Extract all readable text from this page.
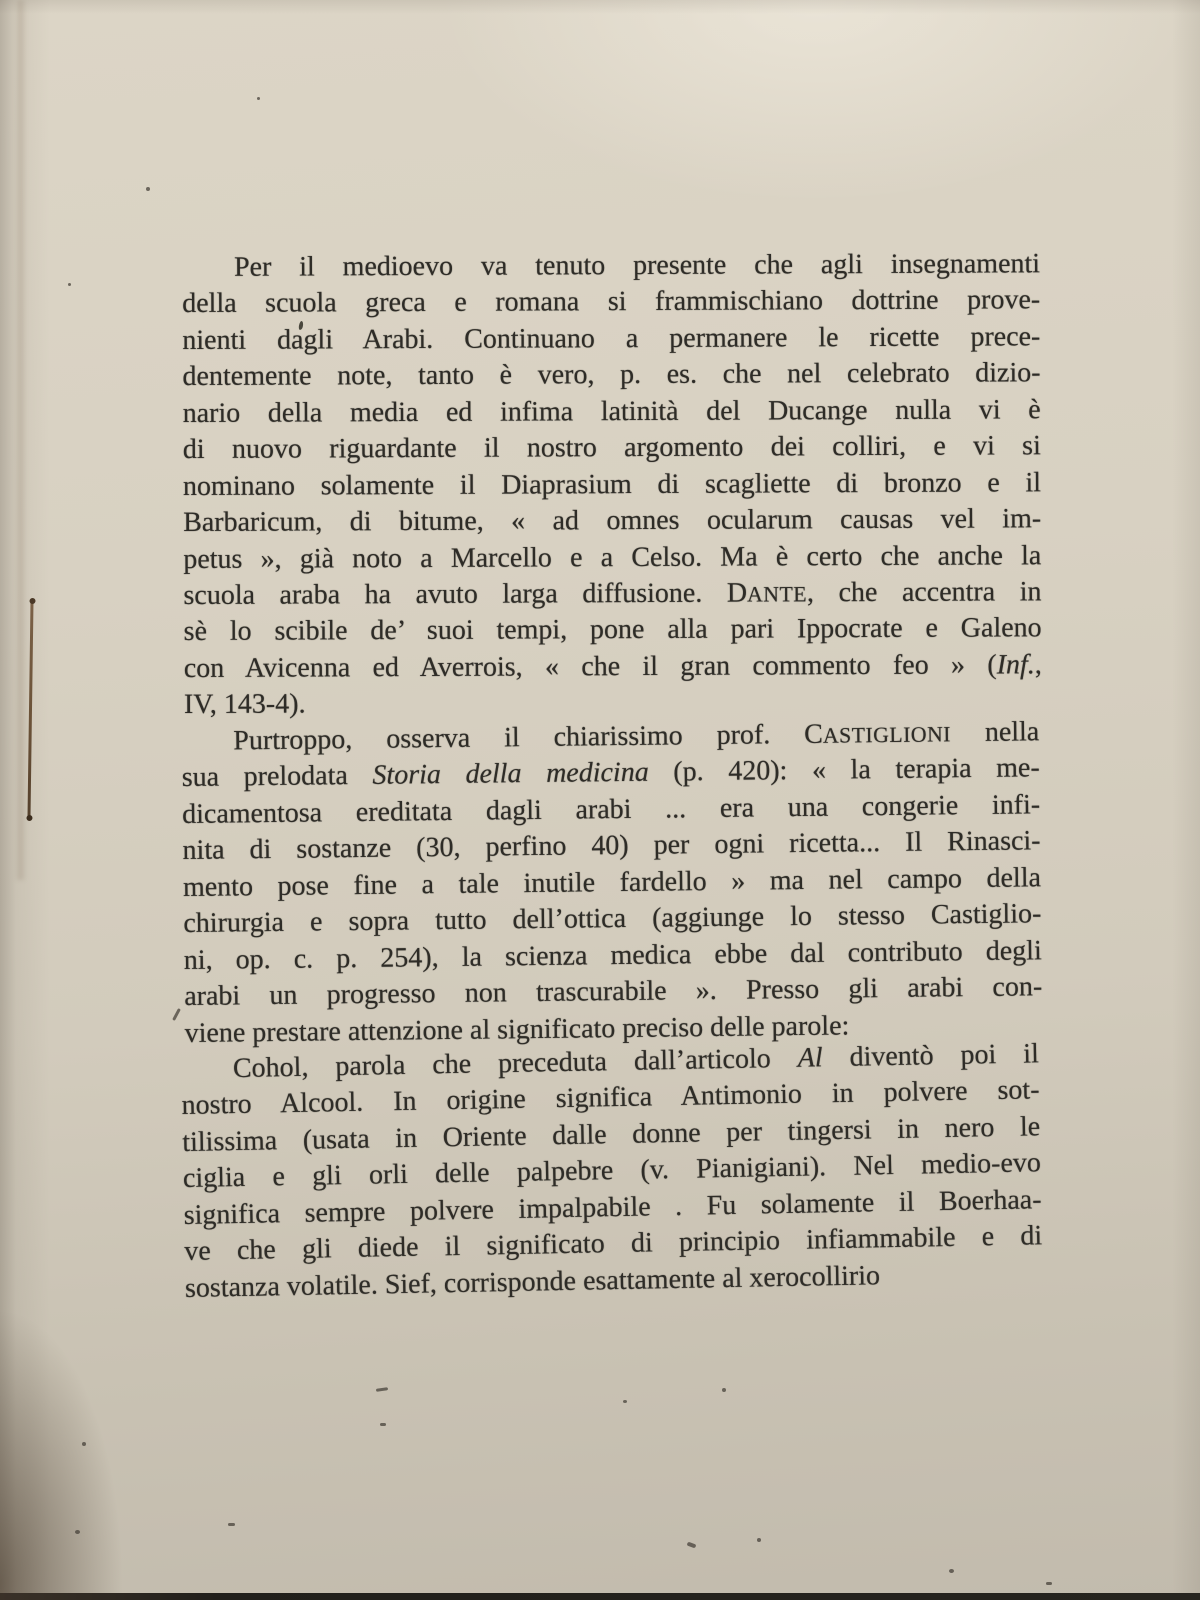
Per il medioevo va tenuto presente che agli insegnamenti
della scuola greca e romana si frammischiano dottrine prove-
nienti dagli Arabi. Continuano a permanere le ricette prece-
dentemente note, tanto è vero, p. es. che nel celebrato dizio-
nario della media ed infima latinità del Ducange nulla vi è
di nuovo riguardante il nostro argomento dei colliri, e vi si
nominano solamente il Diaprasium di scagliette di bronzo e il
Barbaricum, di bitume, « ad omnes ocularum causas vel im-
petus », già noto a Marcello e a Celso. Ma è certo che anche la
scuola araba ha avuto larga diffusione. DANTE, che accentra in
sè lo scibile de’ suoi tempi, pone alla pari Ippocrate e Galeno
con Avicenna ed Averrois, « che il gran commento feo » (Inf.,
IV, 143-4).
Purtroppo, osserva il chiarissimo prof. CASTIGLIONI nella
sua prelodata Storia della medicina (p. 420): « la terapia me-
dicamentosa ereditata dagli arabi ... era una congerie infi-
nita di sostanze (30, perfino 40) per ogni ricetta... Il Rinasci-
mento pose fine a tale inutile fardello » ma nel campo della
chirurgia e sopra tutto dell’ottica (aggiunge lo stesso Castiglio-
ni, op. c. p. 254), la scienza medica ebbe dal contributo degli
arabi un progresso non trascurabile ». Presso gli arabi con-
viene prestare attenzione al significato preciso delle parole:
Cohol, parola che preceduta dall’articolo Al diventò poi il
nostro Alcool. In origine significa Antimonio in polvere sot-
tilissima (usata in Oriente dalle donne per tingersi in nero le
ciglia e gli orli delle palpebre (v. Pianigiani). Nel medio-evo
significa sempre polvere impalpabile . Fu solamente il Boerhaa-
ve che gli diede il significato di principio infiammabile e di
sostanza volatile. Sief, corrisponde esattamente al xerocollirio
